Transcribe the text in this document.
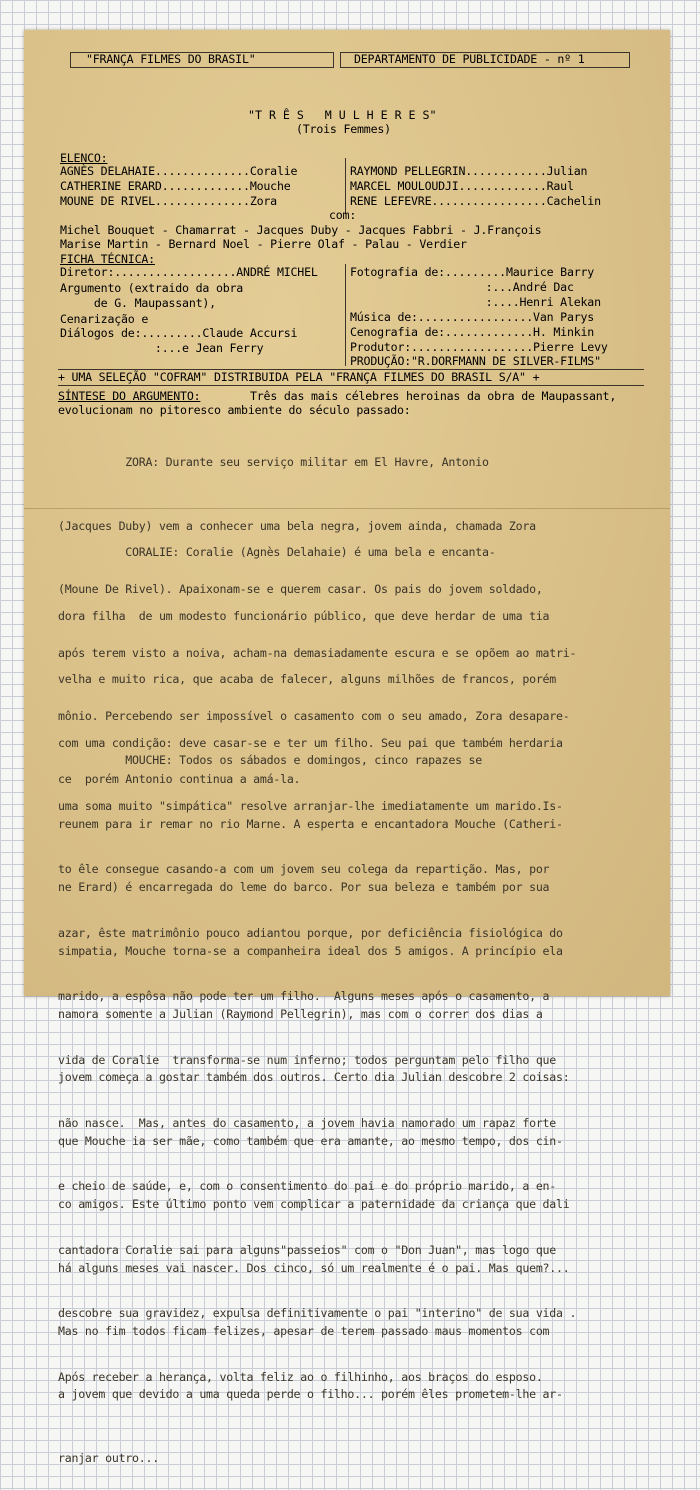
"FRANÇA FILMES DO BRASIL"	DEPARTAMENTO DE PUBLICIDADE - nº 1
"T R Ê S   M U L H E R E S"
(Trois Femmes)
ELENCO:
AGNÈS DELAHAIE..............Coralie
CATHERINE ERARD.............Mouche
MOUNE DE RIVEL..............Zora
RAYMOND PELLEGRIN............Julian
MARCEL MOULOUDJI.............Raul
RENE LEFEVRE.................Cachelin
com:
Michel Bouquet - Chamarrat - Jacques Duby - Jacques Fabbri - J.François
Marise Martin - Bernard Noel - Pierre Olaf - Palau - Verdier
FICHA TÉCNICA:
Diretor:..................ANDRÉ MICHEL
Argumento (extraido da obra
de G. Maupassant),
Cenarização e
Diálogos de:.........Claude Accursi
:...e Jean Ferry
Fotografia de:.........Maurice Barry
:...André Dac
:....Henri Alekan
Música de:.................Van Parys
Cenografia de:.............H. Minkin
Produtor:..................Pierre Levy
PRODUÇÃO:"R.DORFMANN DE SILVER-FILMS"
+ UMA SELEÇÃO "COFRAM" DISTRIBUIDA PELA "FRANÇA FILMES DO BRASIL S/A" +
SÍNTESE DO ARGUMENTO:	Três das mais célebres heroinas da obra de Maupassant,
evolucionam no pitoresco ambiente do século passado:

ZORA: Durante seu serviço militar em El Havre, Antonio

(Jacques Duby) vem a conhecer uma bela negra, jovem ainda, chamada Zora

(Moune De Rivel). Apaixonam-se e querem casar. Os pais do jovem soldado,

após terem visto a noiva, acham-na demasiadamente escura e se opõem ao matri-

mônio. Percebendo ser impossível o casamento com o seu amado, Zora desapare-

ce  porém Antonio continua a amá-la.

CORALIE: Coralie (Agnès Delahaie) é uma bela e encanta-

dora filha  de um modesto funcionário público, que deve herdar de uma tia

velha e muito rica, que acaba de falecer, alguns milhões de francos, porém

com uma condição: deve casar-se e ter um filho. Seu pai que também herdaria

uma soma muito "simpática" resolve arranjar-lhe imediatamente um marido.Is-

to êle consegue casando-a com um jovem seu colega da repartição. Mas, por

azar, êste matrimônio pouco adiantou porque, por deficiência fisiológica do

marido, a espôsa não pode ter um filho.  Alguns meses após o casamento, a

vida de Coralie  transforma-se num inferno; todos perguntam pelo filho que

não nasce.  Mas, antes do casamento, a jovem havia namorado um rapaz forte

e cheio de saúde, e, com o consentimento do pai e do próprio marido, a en-

cantadora Coralie sai para alguns"passeios" com o "Don Juan", mas logo que

descobre sua gravidez, expulsa definitivamente o pai "interino" de sua vida .

Após receber a herança, volta feliz ao o filhinho, aos braços do esposo.

MOUCHE: Todos os sábados e domingos, cinco rapazes se

reunem para ir remar no rio Marne. A esperta e encantadora Mouche (Catheri-

ne Erard) é encarregada do leme do barco. Por sua beleza e também por sua

simpatia, Mouche torna-se a companheira ideal dos 5 amigos. A princípio ela

namora somente a Julian (Raymond Pellegrin), mas com o correr dos dias a

jovem começa a gostar também dos outros. Certo dia Julian descobre 2 coisas:

que Mouche ia ser mãe, como também que era amante, ao mesmo tempo, dos cin-

co amigos. Este último ponto vem complicar a paternidade da criança que dali

há alguns meses vai nascer. Dos cinco, só um realmente é o pai. Mas quem?...

Mas no fim todos ficam felizes, apesar de terem passado maus momentos com

a jovem que devido a uma queda perde o filho... porém êles prometem-lhe ar-

ranjar outro...
